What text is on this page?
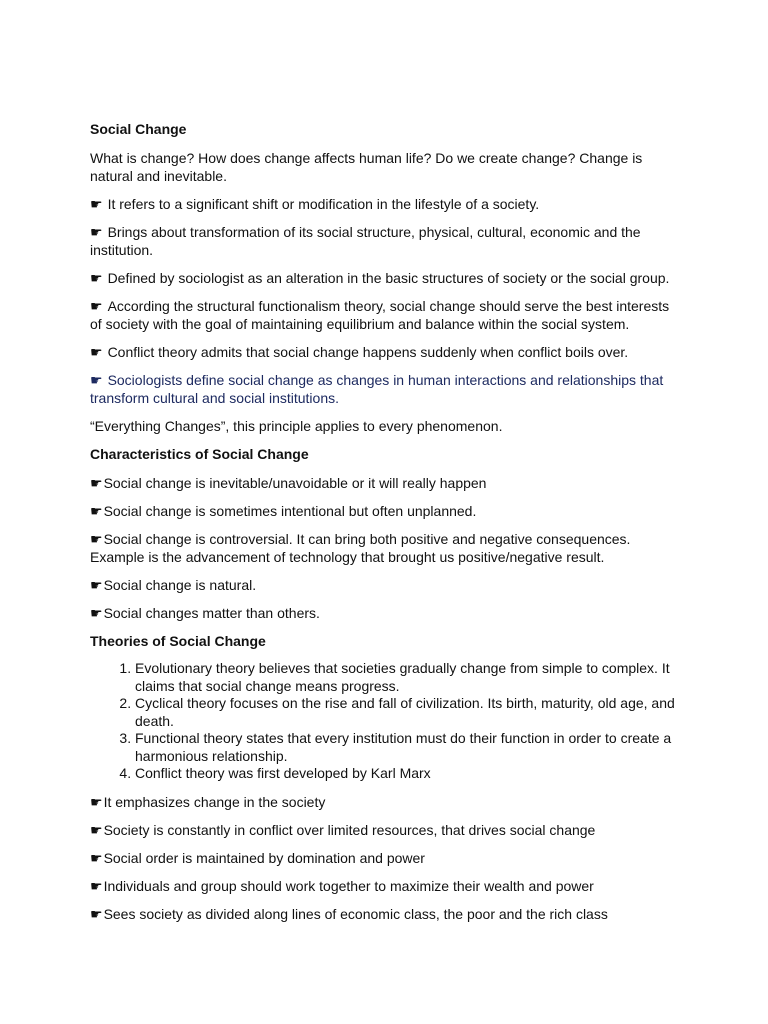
Social Change

What is change? How does change affects human life? Do we create change? Change is natural and inevitable.

☛ It refers to a significant shift or modification in the lifestyle of a society.

☛ Brings about transformation of its social structure, physical, cultural, economic and the institution.

☛ Defined by sociologist as an alteration in the basic structures of society or the social group.

☛ According the structural functionalism theory, social change should serve the best interests of society with the goal of maintaining equilibrium and balance within the social system.

☛ Conflict theory admits that social change happens suddenly when conflict boils over.

☛ Sociologists define social change as changes in human interactions and relationships that transform cultural and social institutions.

“Everything Changes”, this principle applies to every phenomenon.

Characteristics of Social Change

☛Social change is inevitable/unavoidable or it will really happen

☛Social change is sometimes intentional but often unplanned.

☛Social change is controversial. It can bring both positive and negative consequences. Example is the advancement of technology that brought us positive/negative result.

☛Social change is natural.

☛Social changes matter than others.

Theories of Social Change
1. Evolutionary theory believes that societies gradually change from simple to complex. It claims that social change means progress.
2. Cyclical theory focuses on the rise and fall of civilization. Its birth, maturity, old age, and death.
3. Functional theory states that every institution must do their function in order to create a harmonious relationship.
4. Conflict theory was first developed by Karl Marx

☛It emphasizes change in the society

☛Society is constantly in conflict over limited resources, that drives social change

☛Social order is maintained by domination and power

☛Individuals and group should work together to maximize their wealth and power

☛Sees society as divided along lines of economic class, the poor and the rich class
